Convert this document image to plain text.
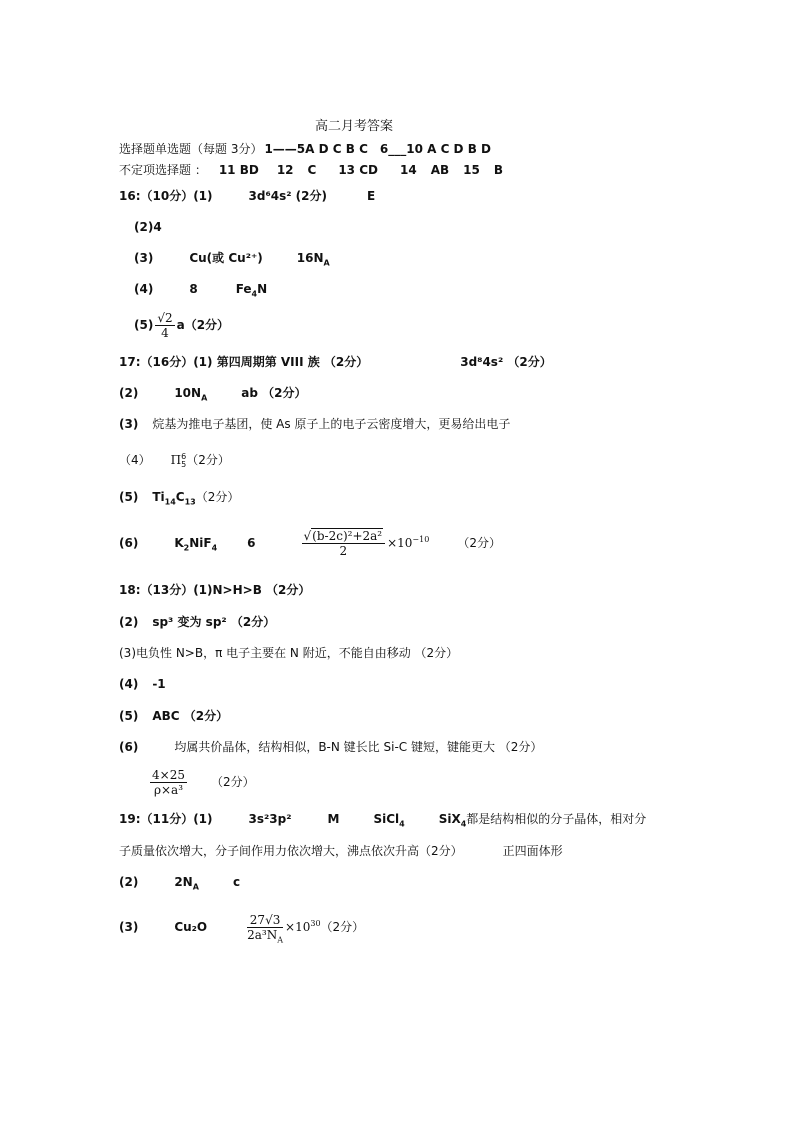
高二月考答案
选择题单选题（每题 3分） 1——5A D C B C 6___10 A C D B D
不定项选择题 ： 11 BD 12 C 13 CD 14 AB 15 B
16:（10分）(1)	3d⁶4s² (2分)	E
(2)4
(3)	Cu(或 Cu²⁺)	$16N_A$
(4)	8	$Fe_4N$
$(5) \frac{√2}{4} a(2$分）
17:（16分）(1) 第四周期第 VIII 族 （2分）	3d⁸4s² （2分）
(2)	$10N_A$	ab （2分）
(3) 烷基为推电子基团，使 As 原子上的电子云密度增大，更易给出电子
（4） Π 6
5 （2分）
(5) $Ti_{14}C_{13}(2$分）
(6)	$K_2NiF_4$	6	$\frac{\text{√(b-2c)²+2a²}}{2} \times 10^{-10}$ （2分）
18:（13分）(1)N>H>B （2分）
(2) sp³ 变为 sp² （2分）
(3)电负性 N>B，π 电子主要在 N 附近，不能自由移动 （2分）
(4) -1
(5) ABC （2分）
(6)	均属共价晶体，结构相似，B-N 键长比 Si-C 键短，键能更大 （2分）
$\frac{4\times 25}{\text{ρ×a³}} (2$分）
19:（11分）(1)	3s²3p²	M	SiCl$_4$	SiX$_4$都是结构相似的分子晶体，相对分
子质量依次增大，分子间作用力依次增大，沸点依次升高（2分）	正四面体形
(2)	$2N_A$	c
(3)	Cu₂O	$\frac{27√3}{2a^3N_A} \times 10^{30}(2$分）
